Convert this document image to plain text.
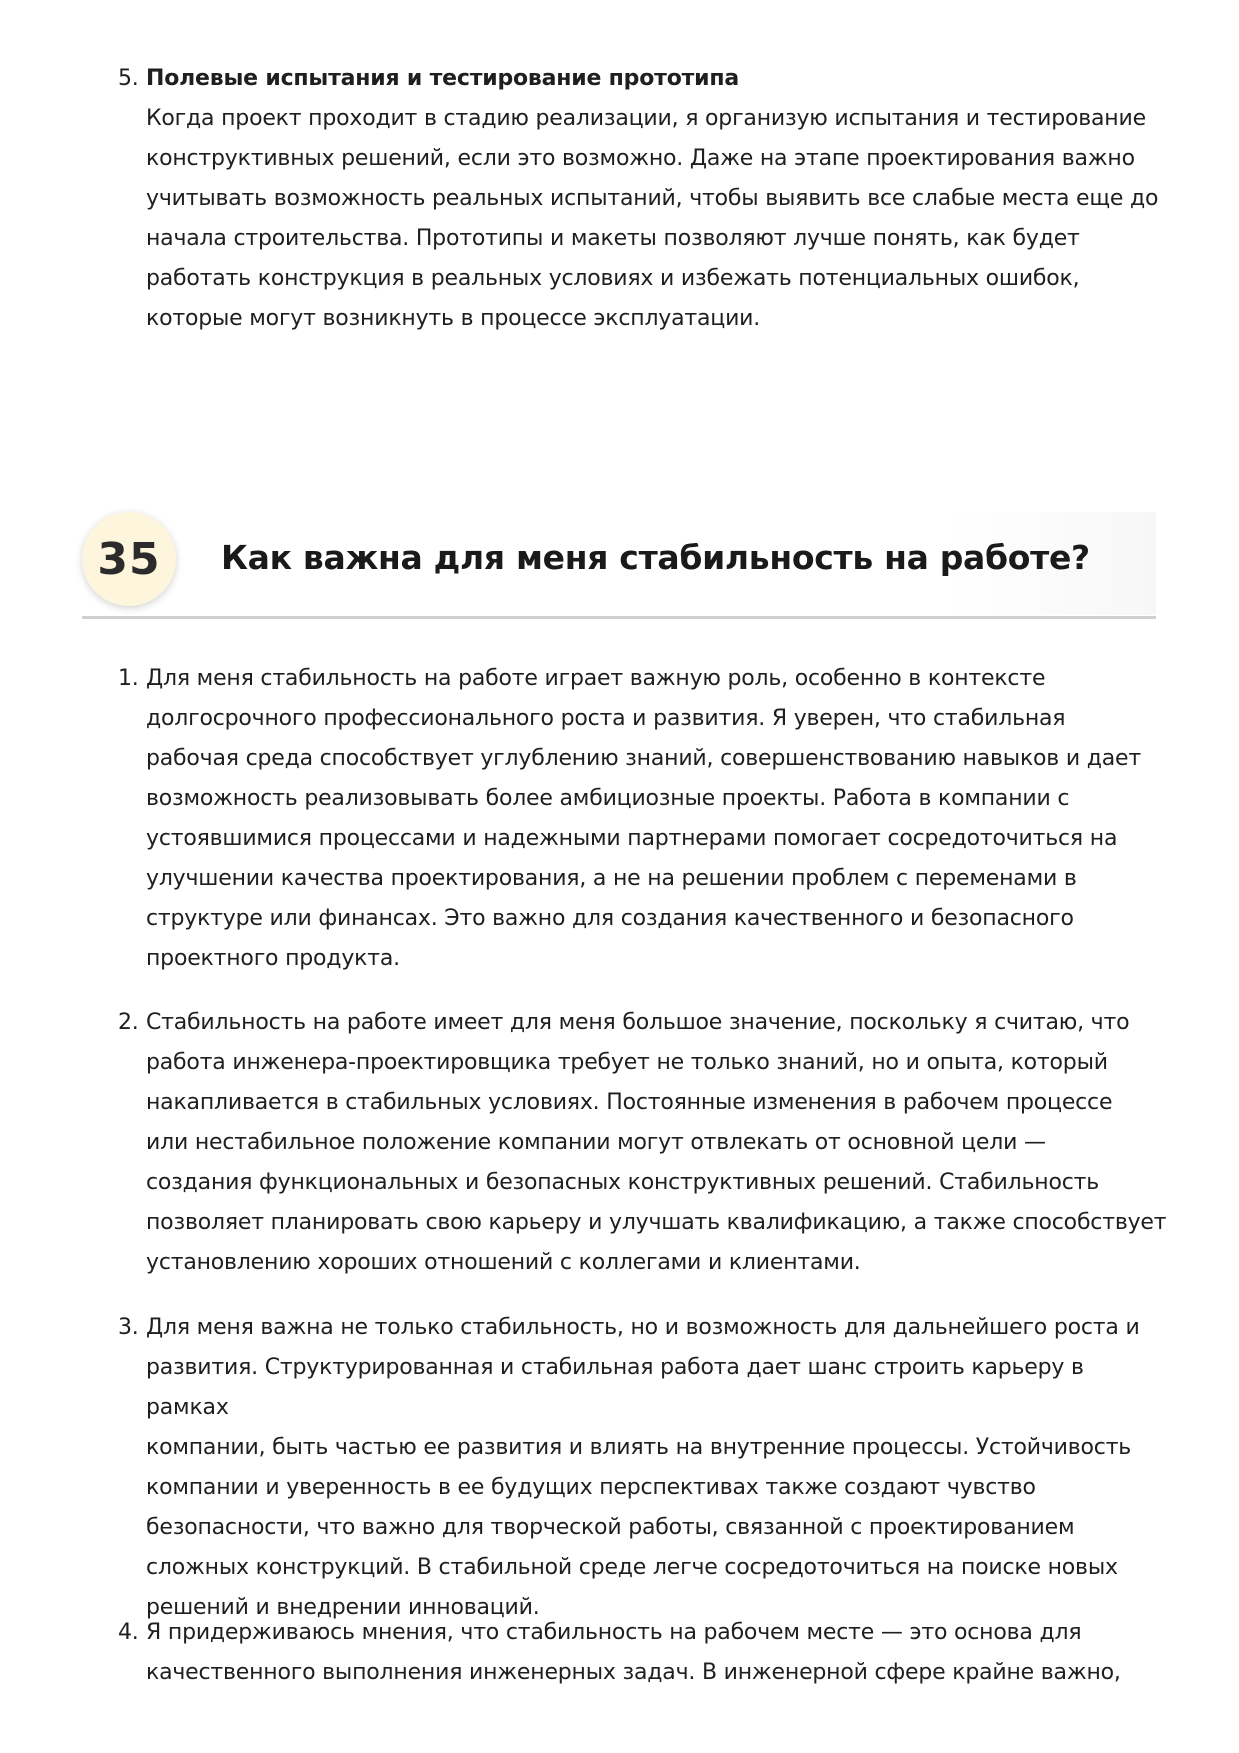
5. Полевые испытания и тестирование прототипа

Когда проект проходит в стадию реализации, я организую испытания и тестирование

конструктивных решений, если это возможно. Даже на этапе проектирования важно

учитывать возможность реальных испытаний, чтобы выявить все слабые места еще до

начала строительства. Прототипы и макеты позволяют лучше понять, как будет

работать конструкция в реальных условиях и избежать потенциальных ошибок,

которые могут возникнуть в процессе эксплуатации.

35	Как важна для меня стабильность на работе?
1. Для меня стабильность на работе играет важную роль, особенно в контексте

долгосрочного профессионального роста и развития. Я уверен, что стабильная

рабочая среда способствует углублению знаний, совершенствованию навыков и дает

возможность реализовывать более амбициозные проекты. Работа в компании с

устоявшимися процессами и надежными партнерами помогает сосредоточиться на

улучшении качества проектирования, а не на решении проблем с переменами в

структуре или финансах. Это важно для создания качественного и безопасного

проектного продукта.

2. Стабильность на работе имеет для меня большое значение, поскольку я считаю, что

работа инженера-проектировщика требует не только знаний, но и опыта, который

накапливается в стабильных условиях. Постоянные изменения в рабочем процессе

или нестабильное положение компании могут отвлекать от основной цели —

создания функциональных и безопасных конструктивных решений. Стабильность

позволяет планировать свою карьеру и улучшать квалификацию, а также способствует

установлению хороших отношений с коллегами и клиентами.

3. Для меня важна не только стабильность, но и возможность для дальнейшего роста и

развития. Структурированная и стабильная работа дает шанс строить карьеру в рамках

компании, быть частью ее развития и влиять на внутренние процессы. Устойчивость

компании и уверенность в ее будущих перспективах также создают чувство

безопасности, что важно для творческой работы, связанной с проектированием

сложных конструкций. В стабильной среде легче сосредоточиться на поиске новых

решений и внедрении инноваций.

4. Я придерживаюсь мнения, что стабильность на рабочем месте — это основа для

качественного выполнения инженерных задач. В инженерной сфере крайне важно,
